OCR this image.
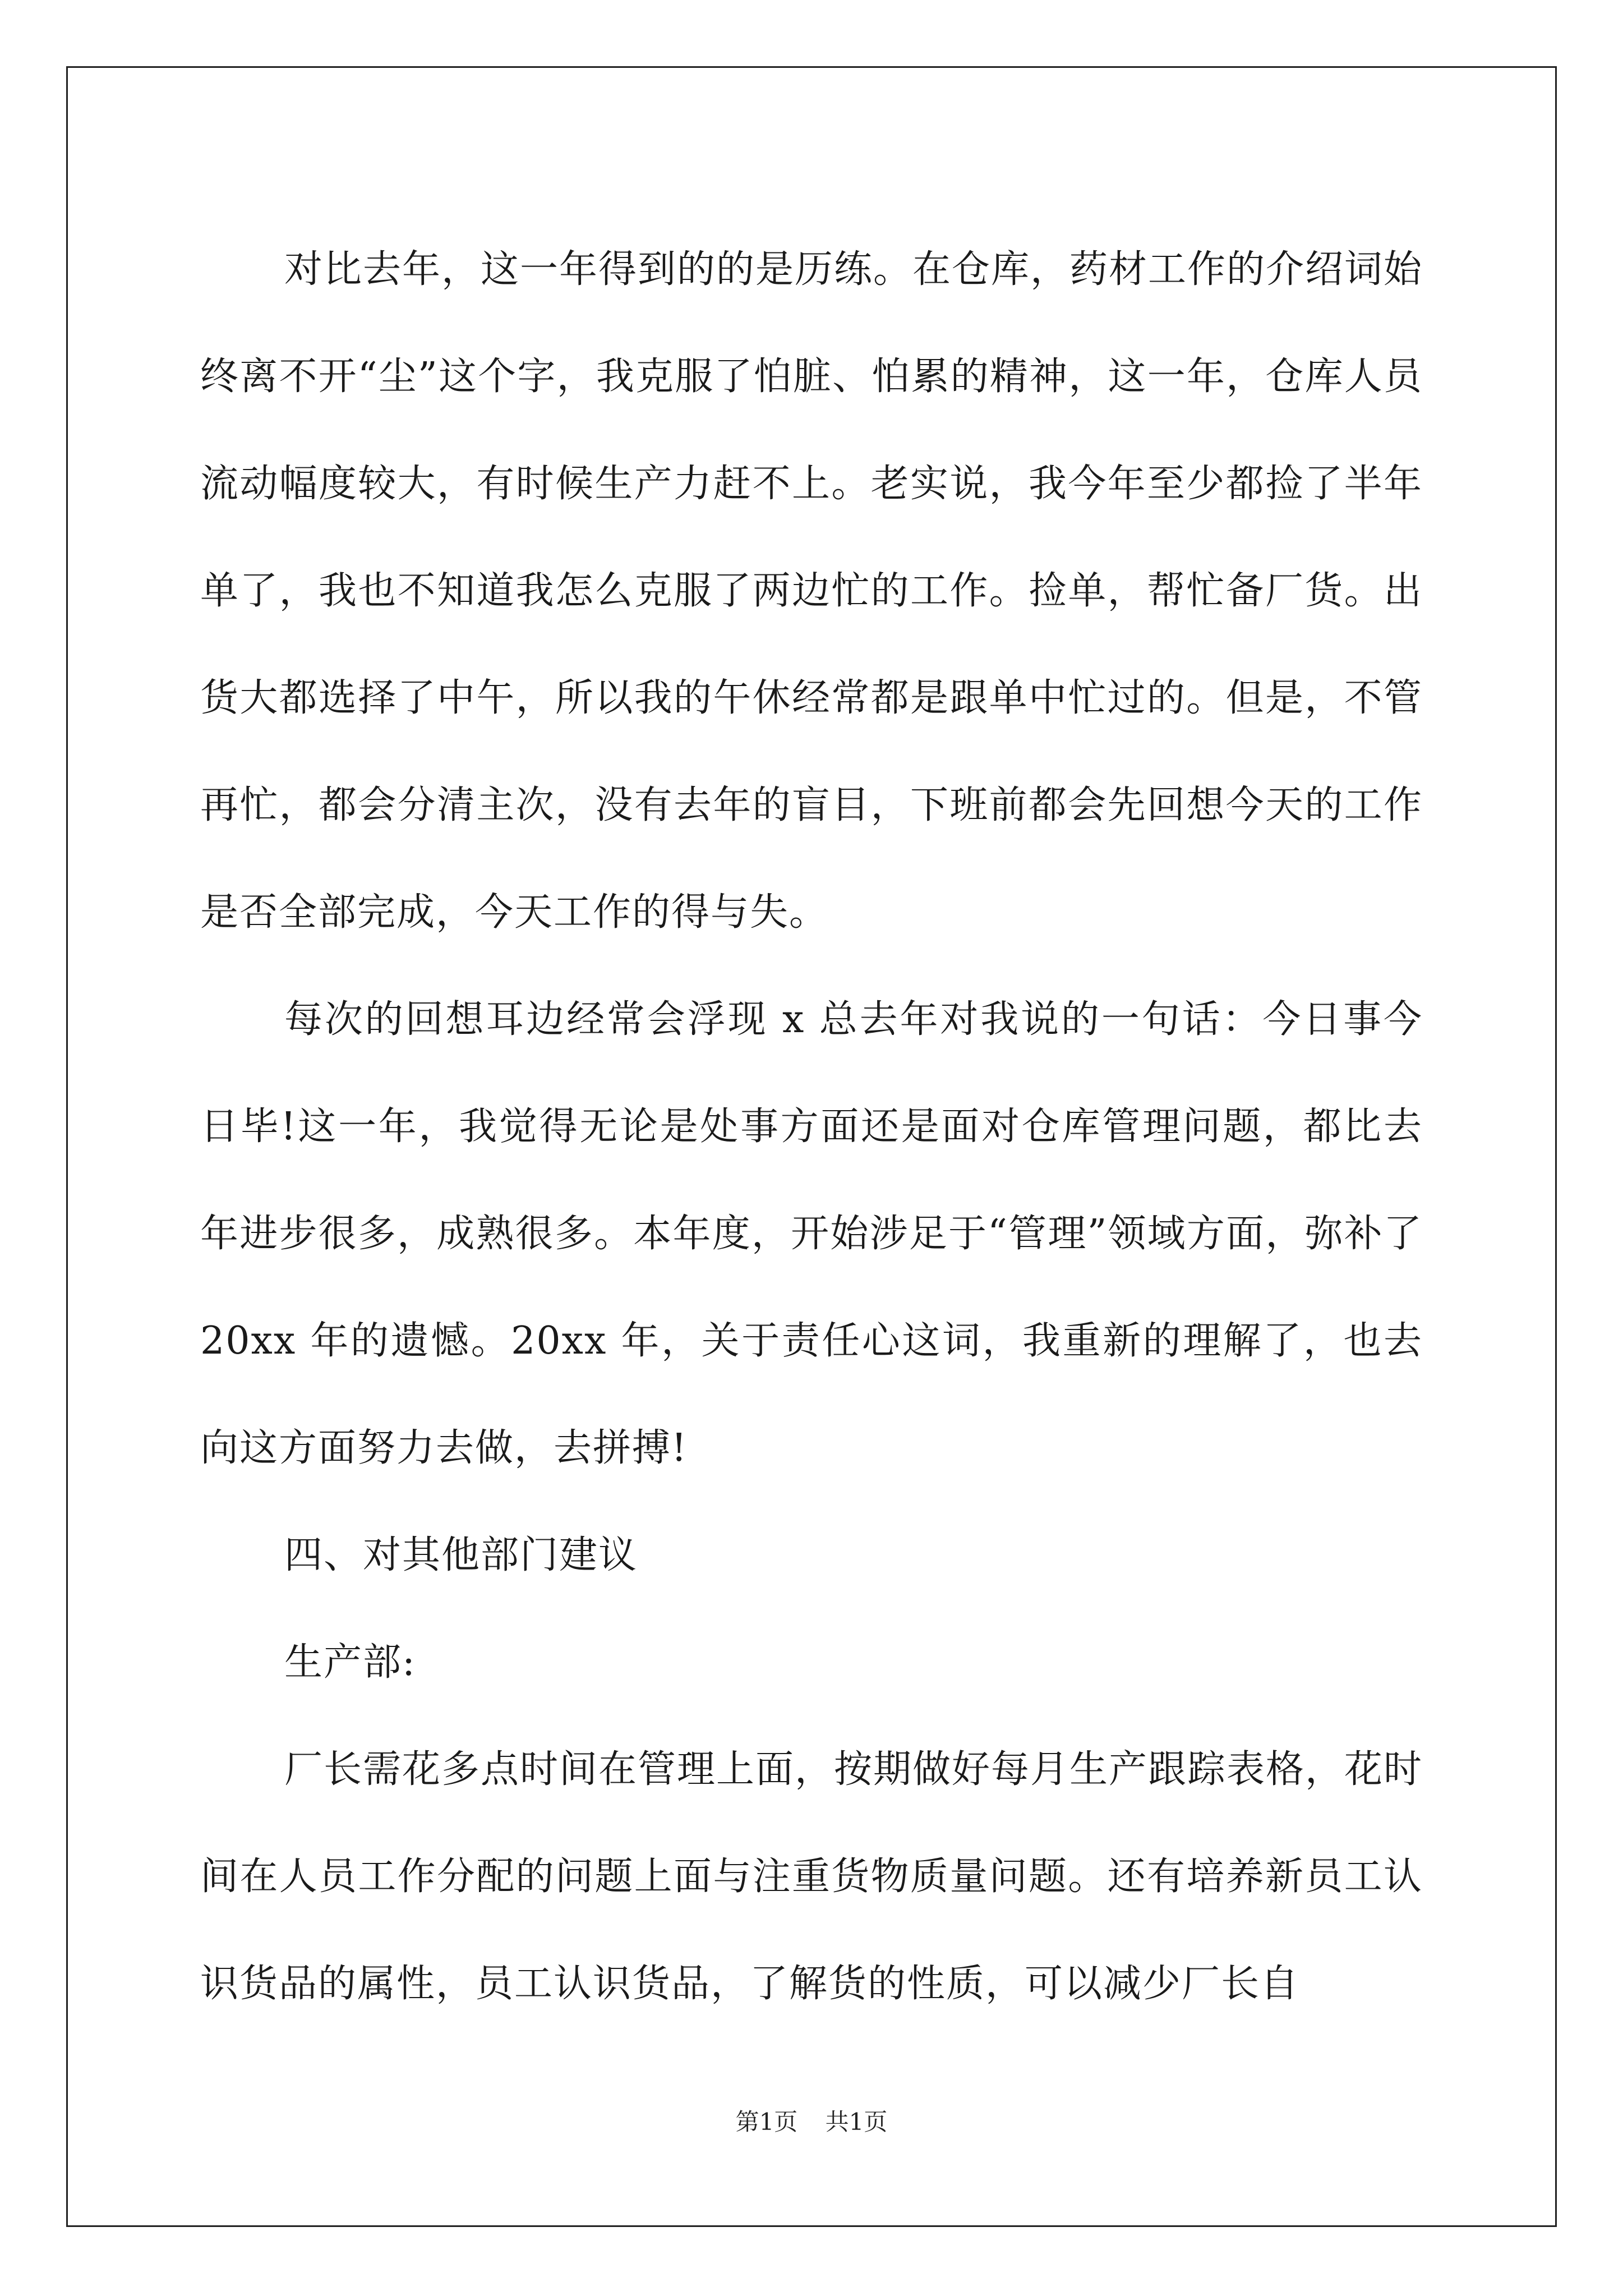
对比去年，这一年得到的的是历练。在仓库，药材工作的介绍词始终离不开“尘”这个字，我克服了怕脏、怕累的精神，这一年，仓库人员流动幅度较大，有时候生产力赶不上。老实说，我今年至少都捡了半年单了，我也不知道我怎么克服了两边忙的工作。捡单，帮忙备厂货。出货大都选择了中午，所以我的午休经常都是跟单中忙过的。但是，不管再忙，都会分清主次，没有去年的盲目，下班前都会先回想今天的工作是否全部完成，今天工作的得与失。

每次的回想耳边经常会浮现 x 总去年对我说的一句话：今日事今日毕!这一年，我觉得无论是处事方面还是面对仓库管理问题，都比去年进步很多，成熟很多。本年度，开始涉足于“管理”领域方面，弥补了 20xx 年的遗憾。20xx 年，关于责任心这词，我重新的理解了，也去向这方面努力去做，去拼搏!

四、对其他部门建议

生产部:

厂长需花多点时间在管理上面，按期做好每月生产跟踪表格，花时间在人员工作分配的问题上面与注重货物质量问题。还有培养新员工认识货品的属性，员工认识货品，了解货的性质，可以减少厂长自

第1页 共1页
